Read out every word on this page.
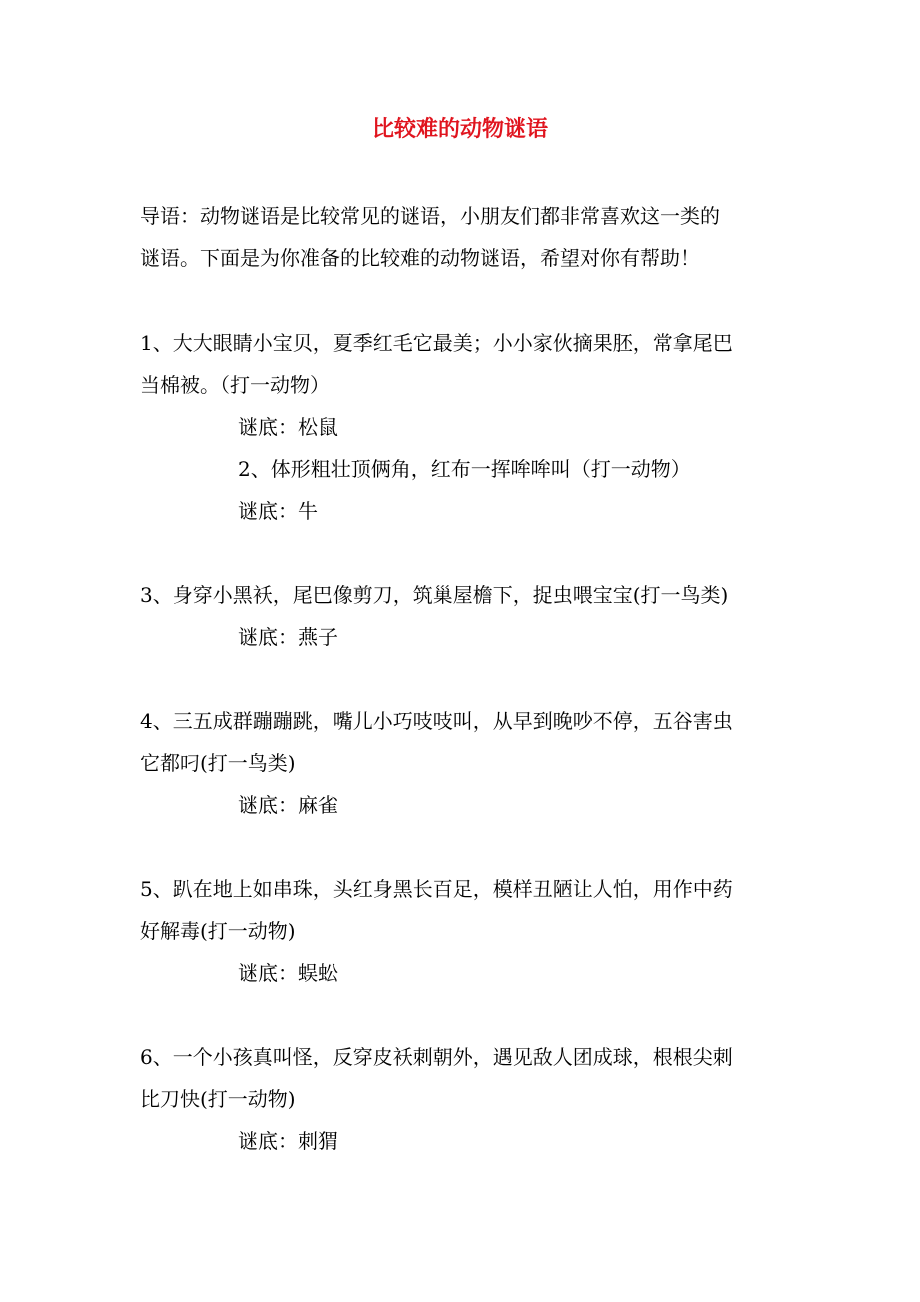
比较难的动物谜语
导语：动物谜语是比较常见的谜语，小朋友们都非常喜欢这一类的
谜语。下面是为你准备的比较难的动物谜语，希望对你有帮助！
1、大大眼睛小宝贝，夏季红毛它最美；小小家伙摘果胚，常拿尾巴
当棉被。（打一动物）
谜底：松鼠
2、体形粗壮顶俩角，红布一挥哞哞叫（打一动物）
谜底：牛
3、身穿小黑袄，尾巴像剪刀，筑巢屋檐下，捉虫喂宝宝(打一鸟类)
谜底：燕子
4、三五成群蹦蹦跳，嘴儿小巧吱吱叫，从早到晚吵不停，五谷害虫
它都叼(打一鸟类)
谜底：麻雀
5、趴在地上如串珠，头红身黑长百足，模样丑陋让人怕，用作中药
好解毒(打一动物)
谜底：蜈蚣
6、一个小孩真叫怪，反穿皮袄刺朝外，遇见敌人团成球，根根尖刺
比刀快(打一动物)
谜底：刺猬
